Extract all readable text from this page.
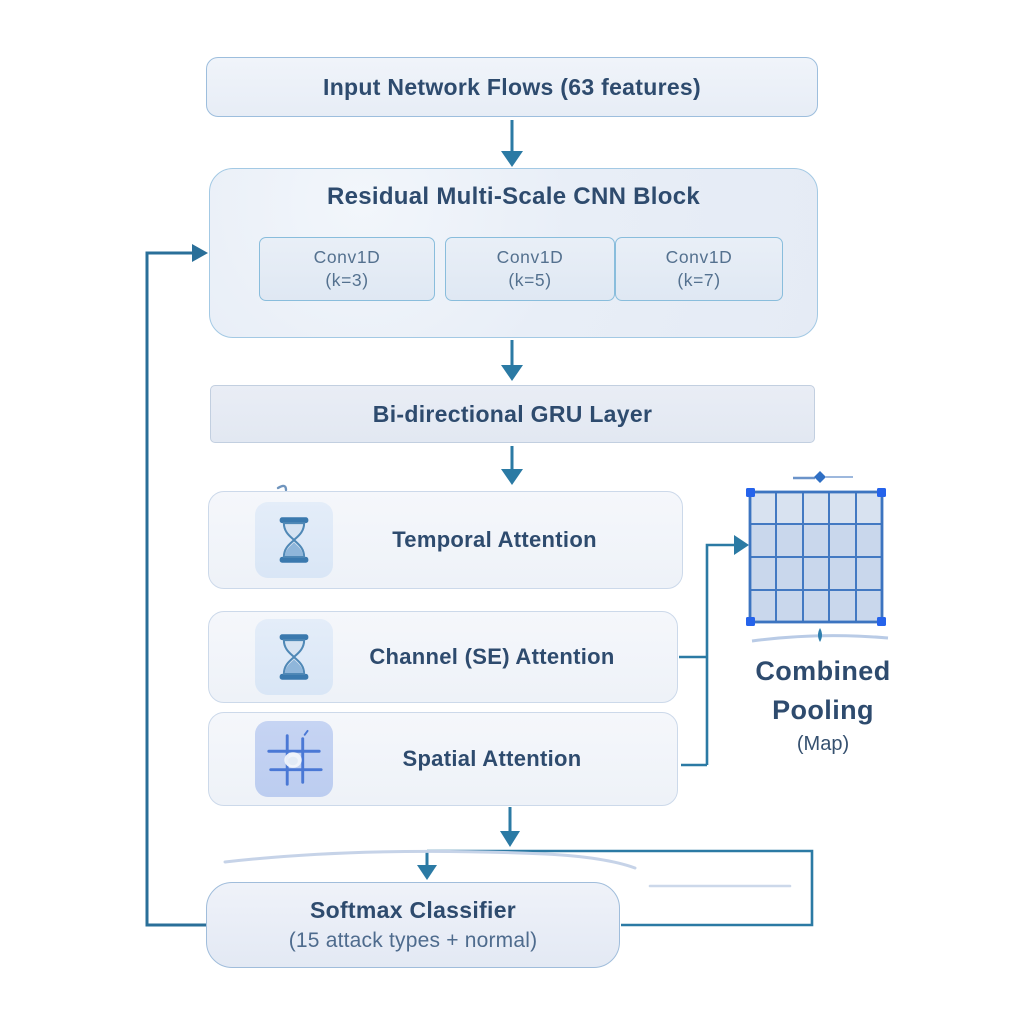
Input Network Flows (63 features)
Residual Multi-Scale CNN Block
Conv1D
(k=3)
Conv1D
(k=5)
Conv1D
(k=7)
Bi-directional GRU Layer
Temporal Attention
Channel (SE) Attention
Spatial Attention
Combined
Pooling
(Map)
Softmax Classifier
(15 attack types + normal)
